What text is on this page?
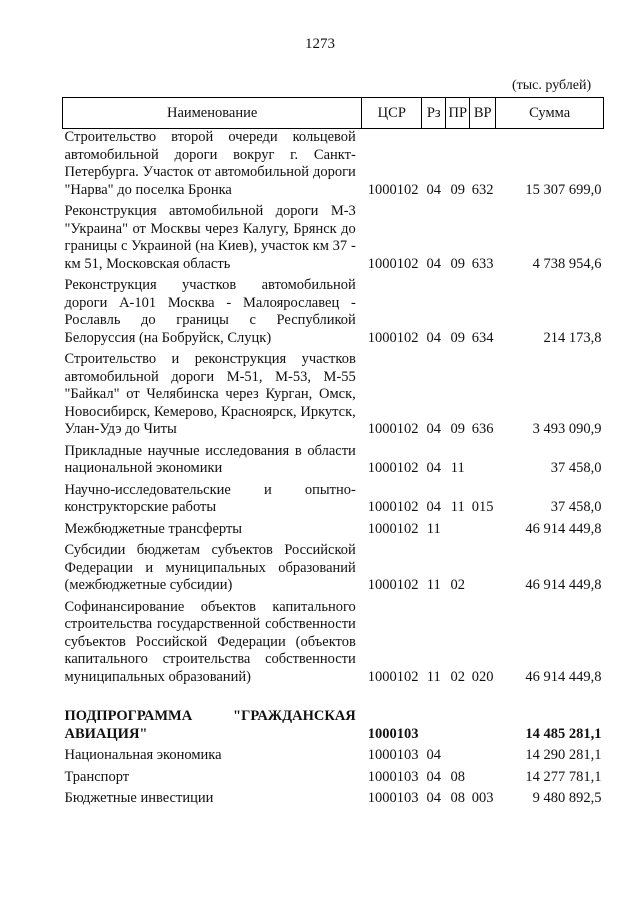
1273
(тыс. рублей)
Наименование	ЦСР	Рз	ПР	ВР	Сумма
Строительство второй очереди кольцевой автомобильной дороги вокруг г. Санкт-Петербурга. Участок от автомобильной дороги "Нарва" до поселка Бронка	1000102	04	09	632	15 307 699,0
Реконструкция автомобильной дороги М-3 "Украина" от Москвы через Калугу, Брянск до границы с Украиной (на Киев), участок км 37 - км 51, Московская область	1000102	04	09	633	4 738 954,6
Реконструкция участков автомобильной дороги А-101 Москва - Малоярославец - Рославль до границы с Республикой Белоруссия (на Бобруйск, Слуцк)	1000102	04	09	634	214 173,8
Строительство и реконструкция участков автомобильной дороги М-51, М-53, М-55 "Байкал" от Челябинска через Курган, Омск, Новосибирск, Кемерово, Красноярск, Иркутск, Улан-Удэ до Читы	1000102	04	09	636	3 493 090,9
Прикладные научные исследования в области национальной экономики	1000102	04	11		37 458,0
Научно-исследовательские и опытно-конструкторские работы	1000102	04	11	015	37 458,0
Межбюджетные трансферты	1000102	11			46 914 449,8
Субсидии бюджетам субъектов Российской Федерации и муниципальных образований (межбюджетные субсидии)	1000102	11	02		46 914 449,8
Софинансирование объектов капитального строительства государственной собственности субъектов Российской Федерации (объектов капитального строительства собственности муниципальных образований)	1000102	11	02	020	46 914 449,8

ПОДПРОГРАММА "ГРАЖДАНСКАЯ АВИАЦИЯ"	1000103				14 485 281,1
Национальная экономика	1000103	04			14 290 281,1
Транспорт	1000103	04	08		14 277 781,1
Бюджетные инвестиции	1000103	04	08	003	9 480 892,5
